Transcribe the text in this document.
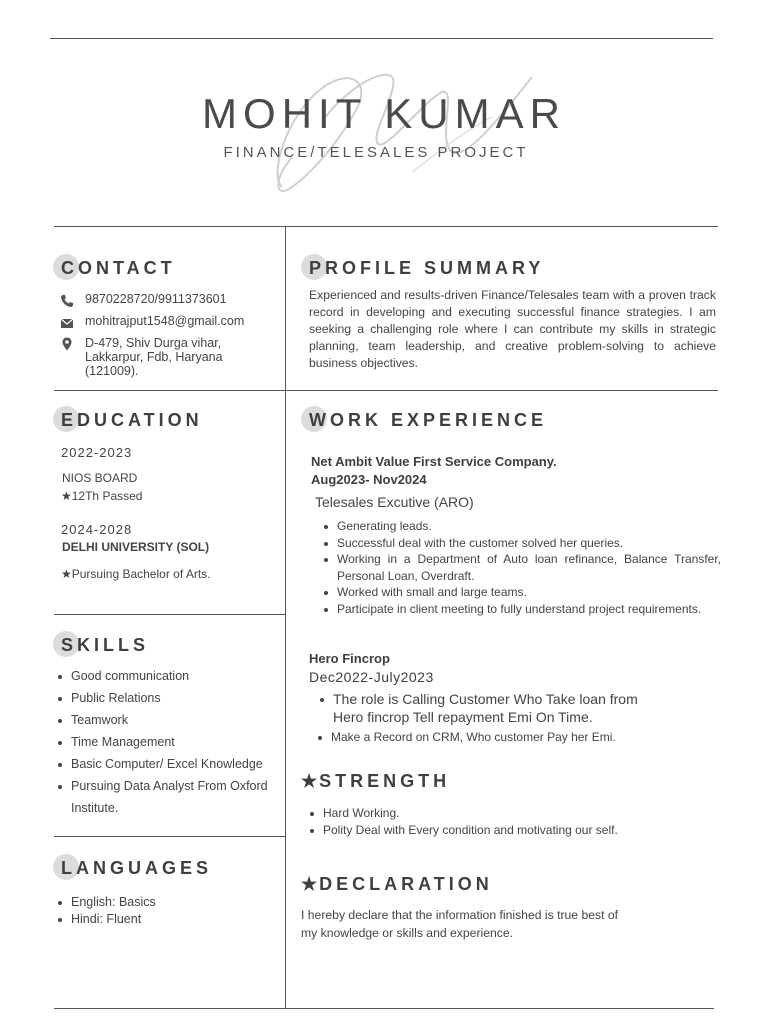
MOHIT KUMAR
FINANCE/TELESALES PROJECT
CONTACT
9870228720/9911373601
mohitrajput1548@gmail.com
D-479, Shiv Durga vihar,
Lakkarpur, Fdb, Haryana
(121009).
EDUCATION
2022-2023
NIOS BOARD
★12Th Passed
2024-2028
DELHI UNIVERSITY (SOL)
★Pursuing Bachelor of Arts.
SKILLS
Good communication
Public Relations
Teamwork
Time Management
Basic Computer/ Excel Knowledge
Pursuing Data Analyst From Oxford
Institute.
LANGUAGES
English: Basics
Hindi: Fluent
PROFILE SUMMARY
Experienced and results-driven Finance/Telesales team with a proven track record in developing and executing successful finance strategies. I am seeking a challenging role where I can contribute my skills in strategic planning, team leadership, and creative problem-solving to achieve business objectives.
WORK EXPERIENCE
Net Ambit Value First Service Company.
Aug2023- Nov2024
Telesales Excutive (ARO)
Generating leads.
Successful deal with the customer solved her queries.
Working in a Department of Auto loan refinance, Balance Transfer, Personal Loan, Overdraft.
Worked with small and large teams.
Participate in client meeting to fully understand project requirements.
Hero Fincrop
Dec2022-July2023
The role is Calling Customer Who Take loan from Hero fincrop Tell repayment Emi On Time.
Make a Record on CRM, Who customer Pay her Emi.
★ STRENGTH
Hard Working.
Polity Deal with Every condition and motivating our self.
★ DECLARATION
I hereby declare that the information finished is true best of my knowledge or skills and experience.
